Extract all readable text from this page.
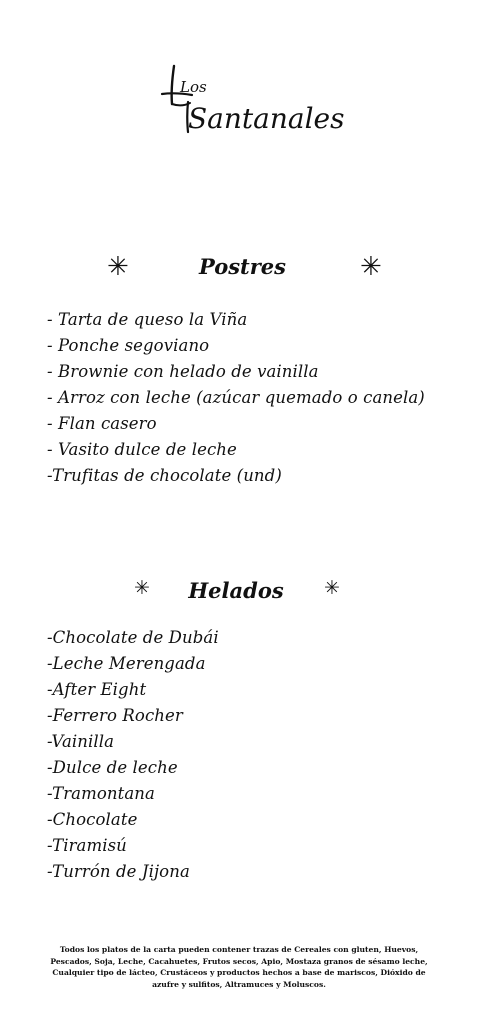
Los
Santanales
✳	Postres	✳
- Tarta de queso la Viña
- Ponche segoviano
- Brownie con helado de vainilla
- Arroz con leche (azúcar quemado o canela)
- Flan casero
- Vasito dulce de leche
-Trufitas de chocolate (und)
✳	Helados	✳
-Chocolate de Dubái
-Leche Merengada
-After Eight
-Ferrero Rocher
-Vainilla
-Dulce de leche
-Tramontana
-Chocolate
-Tiramisú
-Turrón de Jijona
Todos los platos de la carta pueden contener trazas de Cereales con gluten, Huevos, Pescados, Soja, Leche, Cacahuetes, Frutos secos, Apio, Mostaza granos de sésamo leche, Cualquier tipo de lácteo, Crustáceos y productos hechos a base de mariscos, Dióxido de azufre y sulfitos, Altramuces y Moluscos.
